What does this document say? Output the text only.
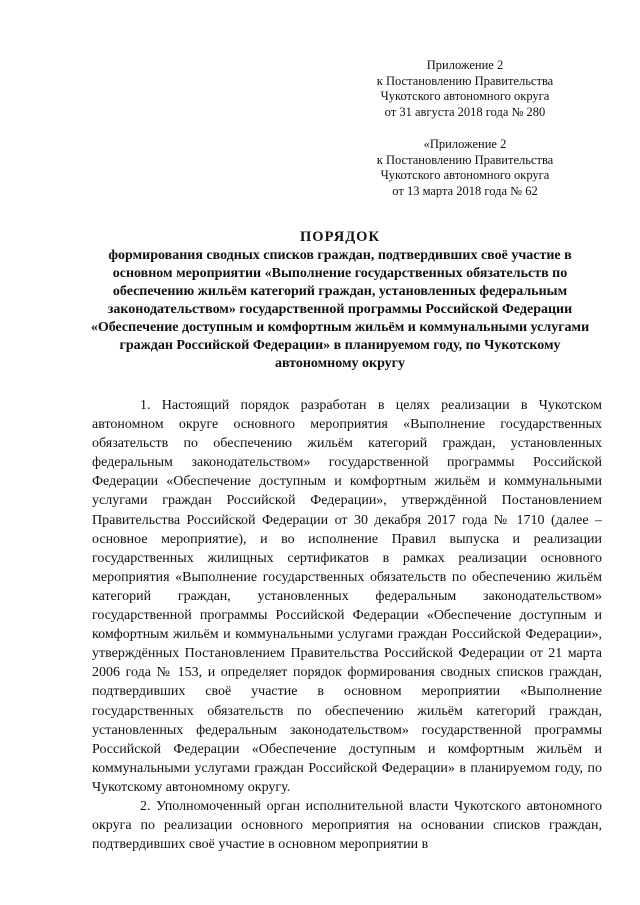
Приложение 2
к Постановлению Правительства
Чукотского автономного округа
от 31 августа 2018 года № 280
«Приложение 2
к Постановлению Правительства
Чукотского автономного округа
от 13 марта 2018 года № 62
ПОРЯДОК
формирования сводных списков граждан, подтвердивших своё участие в основном мероприятии «Выполнение государственных обязательств по обеспечению жильём категорий граждан, установленных федеральным законодательством» государственной программы Российской Федерации «Обеспечение доступным и комфортным жильём и коммунальными услугами граждан Российской Федерации» в планируемом году, по Чукотскому автономному округу

1. Настоящий порядок разработан в целях реализации в Чукотском автономном округе основного мероприятия «Выполнение государственных обязательств по обеспечению жильём категорий граждан, установленных федеральным законодательством» государственной программы Российской Федерации «Обеспечение доступным и комфортным жильём и коммунальными услугами граждан Российской Федерации», утверждённой Постановлением Правительства Российской Федерации от 30 декабря 2017 года № 1710 (далее – основное мероприятие), и во исполнение Правил выпуска и реализации государственных жилищных сертификатов в рамках реализации основного мероприятия «Выполнение государственных обязательств по обеспечению жильём категорий граждан, установленных федеральным законодательством» государственной программы Российской Федерации «Обеспечение доступным и комфортным жильём и коммунальными услугами граждан Российской Федерации», утверждённых Постановлением Правительства Российской Федерации от 21 марта 2006 года № 153, и определяет порядок формирования сводных списков граждан, подтвердивших своё участие в основном мероприятии «Выполнение государственных обязательств по обеспечению жильём категорий граждан, установленных федеральным законодательством» государственной программы Российской Федерации «Обеспечение доступным и комфортным жильём и коммунальными услугами граждан Российской Федерации» в планируемом году, по Чукотскому автономному округу.

2. Уполномоченный орган исполнительной власти Чукотского автономного округа по реализации основного мероприятия на основании списков граждан, подтвердивших своё участие в основном мероприятии в
